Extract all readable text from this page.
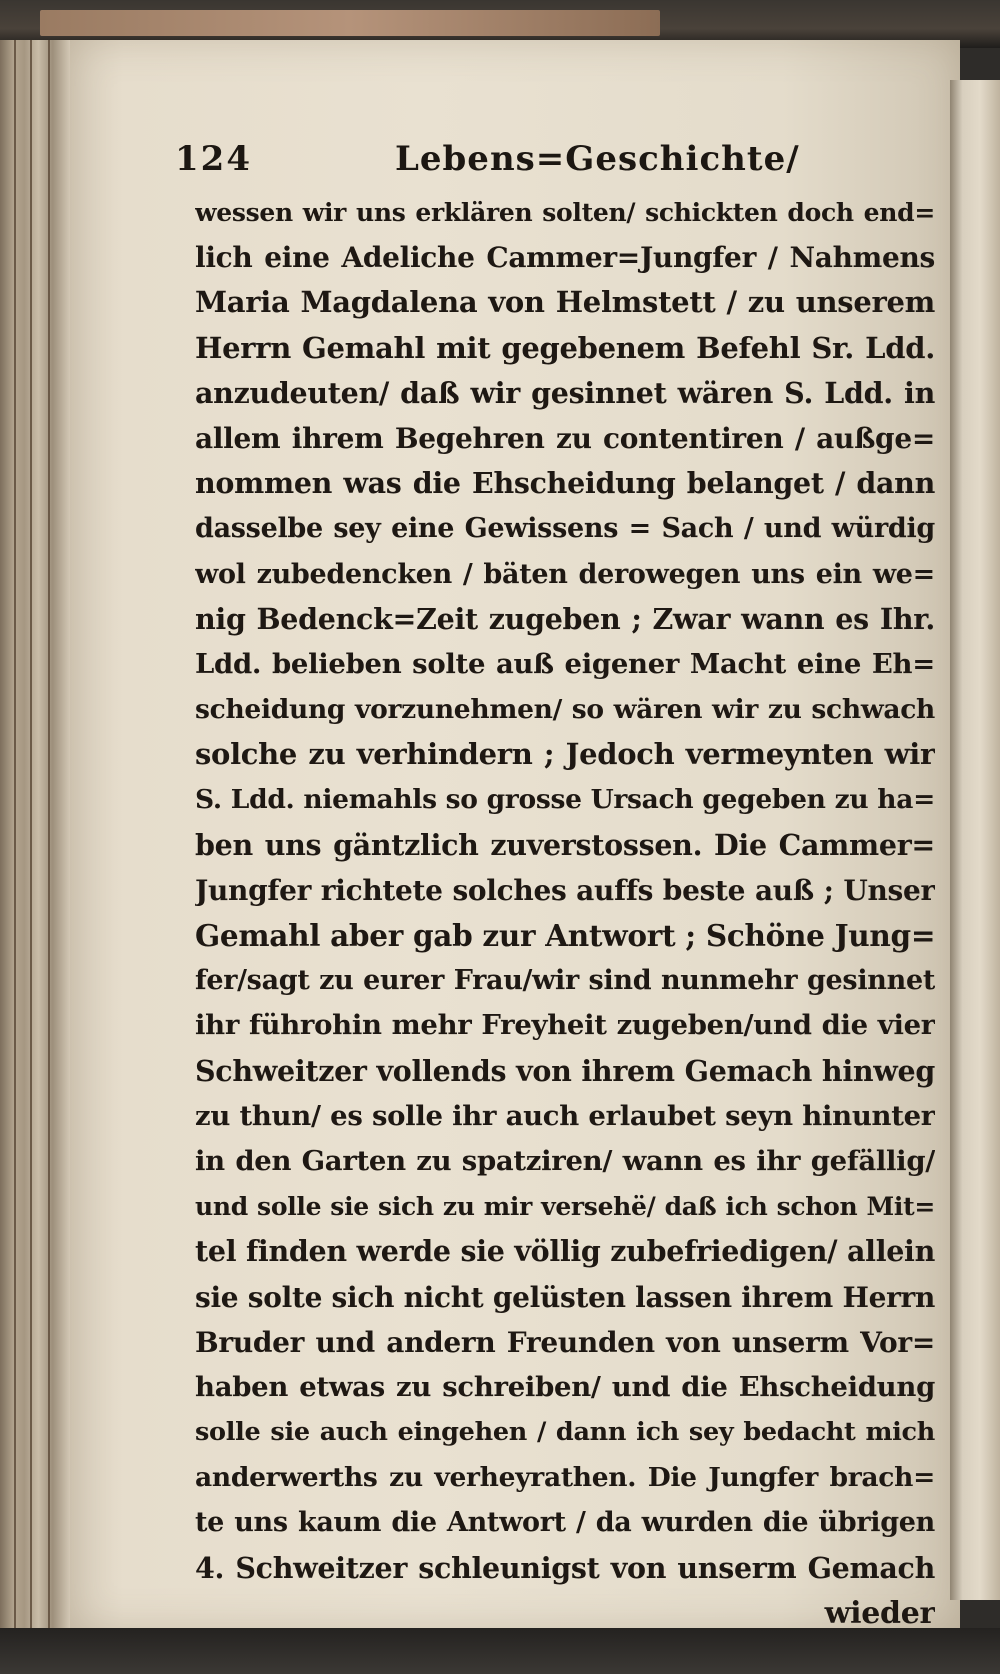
124	Lebens=Geschichte/
wessen wir uns erklären solten/ schickten doch end=
lich eine Adeliche Cammer=Jungfer / Nahmens
Maria Magdalena von Helmstett / zu unserem
Herrn Gemahl mit gegebenem Befehl Sr. Ldd.
anzudeuten/ daß wir gesinnet wären S. Ldd. in
allem ihrem Begehren zu contentiren / außge=
nommen was die Ehscheidung belanget / dann
dasselbe sey eine Gewissens = Sach / und würdig
wol zubedencken / bäten derowegen uns ein we=
nig Bedenck=Zeit zugeben ; Zwar wann es Ihr.
Ldd. belieben solte auß eigener Macht eine Eh=
scheidung vorzunehmen/ so wären wir zu schwach
solche zu verhindern ; Jedoch vermeynten wir
S. Ldd. niemahls so grosse Ursach gegeben zu ha=
ben uns gäntzlich zuverstossen. Die Cammer=
Jungfer richtete solches auffs beste auß ; Unser
Gemahl aber gab zur Antwort ; Schöne Jung=
fer/sagt zu eurer Frau/wir sind nunmehr gesinnet
ihr führohin mehr Freyheit zugeben/und die vier
Schweitzer vollends von ihrem Gemach hinweg
zu thun/ es solle ihr auch erlaubet seyn hinunter
in den Garten zu spatziren/ wann es ihr gefällig/
und solle sie sich zu mir versehë/ daß ich schon Mit=
tel finden werde sie völlig zubefriedigen/ allein
sie solte sich nicht gelüsten lassen ihrem Herrn
Bruder und andern Freunden von unserm Vor=
haben etwas zu schreiben/ und die Ehscheidung
solle sie auch eingehen / dann ich sey bedacht mich
anderwerths zu verheyrathen. Die Jungfer brach=
te uns kaum die Antwort / da wurden die übrigen
4. Schweitzer schleunigst von unserm Gemach
wieder
